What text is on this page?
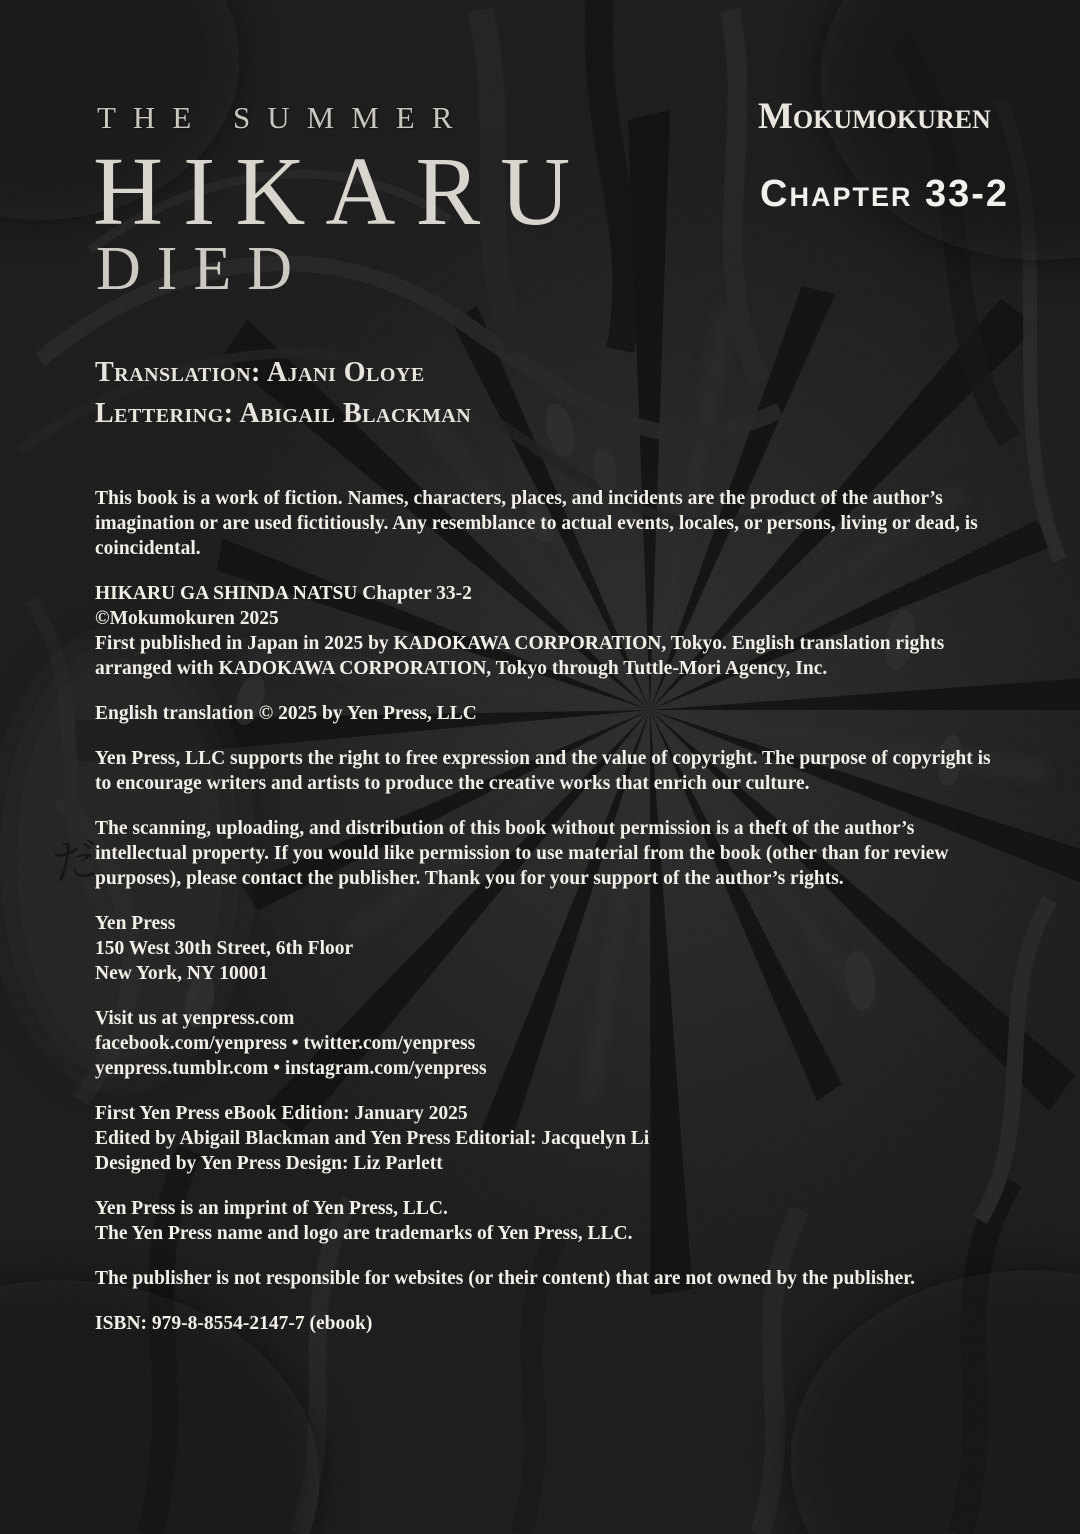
だ
THE SUMMER
HIKARU
DIED
Mokumokuren
Chapter 33-2
Translation: Ajani Oloye
Lettering: Abigail Blackman
This book is a work of fiction. Names, characters, places, and incidents are the product of the author’s imagination or are used fictitiously. Any resemblance to actual events, locales, or persons, living or dead, is coincidental.
HIKARU GA SHINDA NATSU Chapter 33-2
©Mokumokuren 2025
First published in Japan in 2025 by KADOKAWA CORPORATION, Tokyo. English translation rights arranged with KADOKAWA CORPORATION, Tokyo through Tuttle-Mori Agency, Inc.
English translation © 2025 by Yen Press, LLC
Yen Press, LLC supports the right to free expression and the value of copyright. The purpose of copyright is to encourage writers and artists to produce the creative works that enrich our culture.
The scanning, uploading, and distribution of this book without permission is a theft of the author’s intellectual property. If you would like permission to use material from the book (other than for review purposes), please contact the publisher. Thank you for your support of the author’s rights.
Yen Press
150 West 30th Street, 6th Floor
New York, NY 10001
Visit us at yenpress.com
facebook.com/yenpress • twitter.com/yenpress
yenpress.tumblr.com • instagram.com/yenpress
First Yen Press eBook Edition: January 2025
Edited by Abigail Blackman and Yen Press Editorial: Jacquelyn Li
Designed by Yen Press Design: Liz Parlett
Yen Press is an imprint of Yen Press, LLC.
The Yen Press name and logo are trademarks of Yen Press, LLC.
The publisher is not responsible for websites (or their content) that are not owned by the publisher.
ISBN: 979-8-8554-2147-7 (ebook)
